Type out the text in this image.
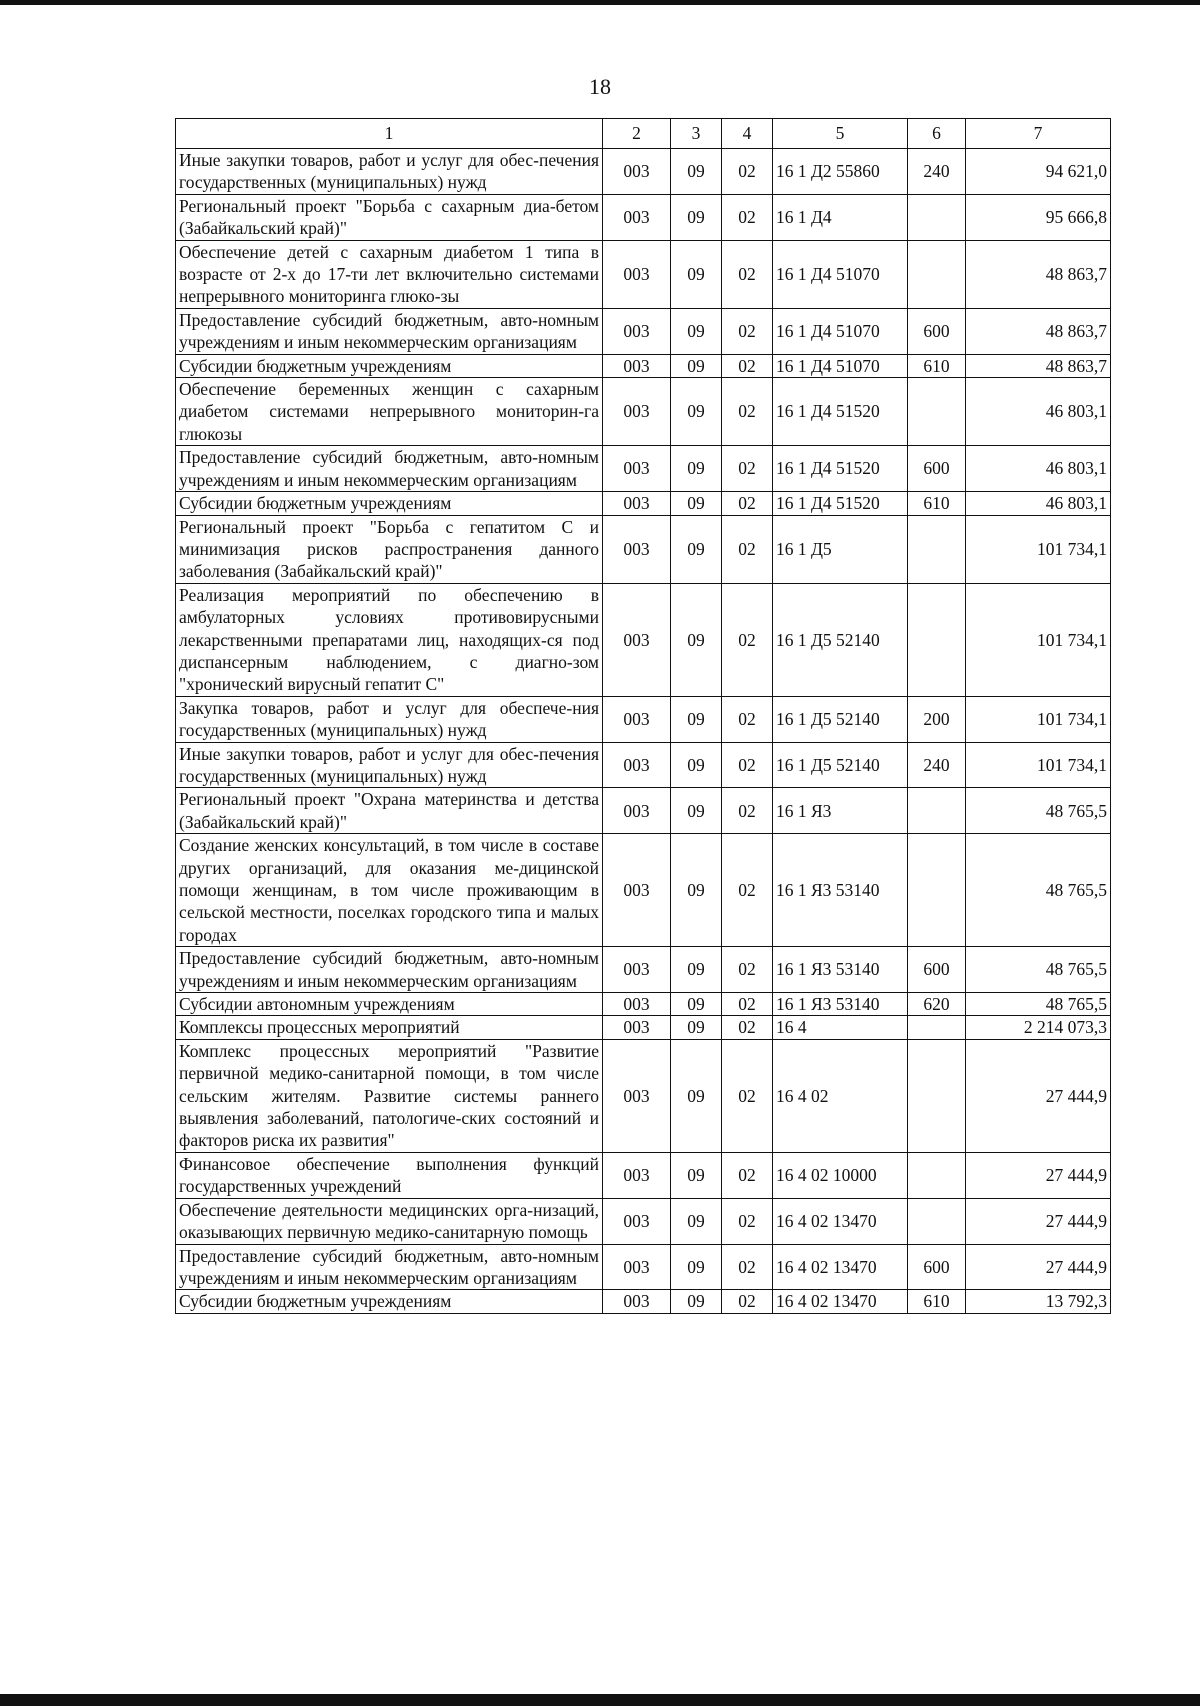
18
1	2	3	4	5	6	7
Иные закупки товаров, работ и услуг для обес-печения государственных (муниципальных) нужд	003	09	02	16 1 Д2 55860	240	94 621,0
Региональный проект "Борьба с сахарным диа-бетом (Забайкальский край)"	003	09	02	16 1 Д4		95 666,8
Обеспечение детей с сахарным диабетом 1 типа в возрасте от 2-х до 17-ти лет включительно системами непрерывного мониторинга глюко-зы	003	09	02	16 1 Д4 51070		48 863,7
Предоставление субсидий бюджетным, авто-номным учреждениям и иным некоммерческим организациям	003	09	02	16 1 Д4 51070	600	48 863,7
Субсидии бюджетным учреждениям	003	09	02	16 1 Д4 51070	610	48 863,7
Обеспечение беременных женщин с сахарным диабетом системами непрерывного мониторин-га глюкозы	003	09	02	16 1 Д4 51520		46 803,1
Предоставление субсидий бюджетным, авто-номным учреждениям и иным некоммерческим организациям	003	09	02	16 1 Д4 51520	600	46 803,1
Субсидии бюджетным учреждениям	003	09	02	16 1 Д4 51520	610	46 803,1
Региональный проект "Борьба с гепатитом С и минимизация рисков распространения данного заболевания (Забайкальский край)"	003	09	02	16 1 Д5		101 734,1
Реализация мероприятий по обеспечению в амбулаторных условиях противовирусными лекарственными препаратами лиц, находящих-ся под диспансерным наблюдением, с диагно-зом "хронический вирусный гепатит С"	003	09	02	16 1 Д5 52140		101 734,1
Закупка товаров, работ и услуг для обеспече-ния государственных (муниципальных) нужд	003	09	02	16 1 Д5 52140	200	101 734,1
Иные закупки товаров, работ и услуг для обес-печения государственных (муниципальных) нужд	003	09	02	16 1 Д5 52140	240	101 734,1
Региональный проект "Охрана материнства и детства (Забайкальский край)"	003	09	02	16 1 Я3		48 765,5
Создание женских консультаций, в том числе в составе других организаций, для оказания ме-дицинской помощи женщинам, в том числе проживающим в сельской местности, поселках городского типа и малых городах	003	09	02	16 1 Я3 53140		48 765,5
Предоставление субсидий бюджетным, авто-номным учреждениям и иным некоммерческим организациям	003	09	02	16 1 Я3 53140	600	48 765,5
Субсидии автономным учреждениям	003	09	02	16 1 Я3 53140	620	48 765,5
Комплексы процессных мероприятий	003	09	02	16 4		2 214 073,3
Комплекс процессных мероприятий "Развитие первичной медико-санитарной помощи, в том числе сельским жителям. Развитие системы раннего выявления заболеваний, патологиче-ских состояний и факторов риска их развития"	003	09	02	16 4 02		27 444,9
Финансовое обеспечение выполнения функций государственных учреждений	003	09	02	16 4 02 10000		27 444,9
Обеспечение деятельности медицинских орга-низаций, оказывающих первичную медико-санитарную помощь	003	09	02	16 4 02 13470		27 444,9
Предоставление субсидий бюджетным, авто-номным учреждениям и иным некоммерческим организациям	003	09	02	16 4 02 13470	600	27 444,9
Субсидии бюджетным учреждениям	003	09	02	16 4 02 13470	610	13 792,3
